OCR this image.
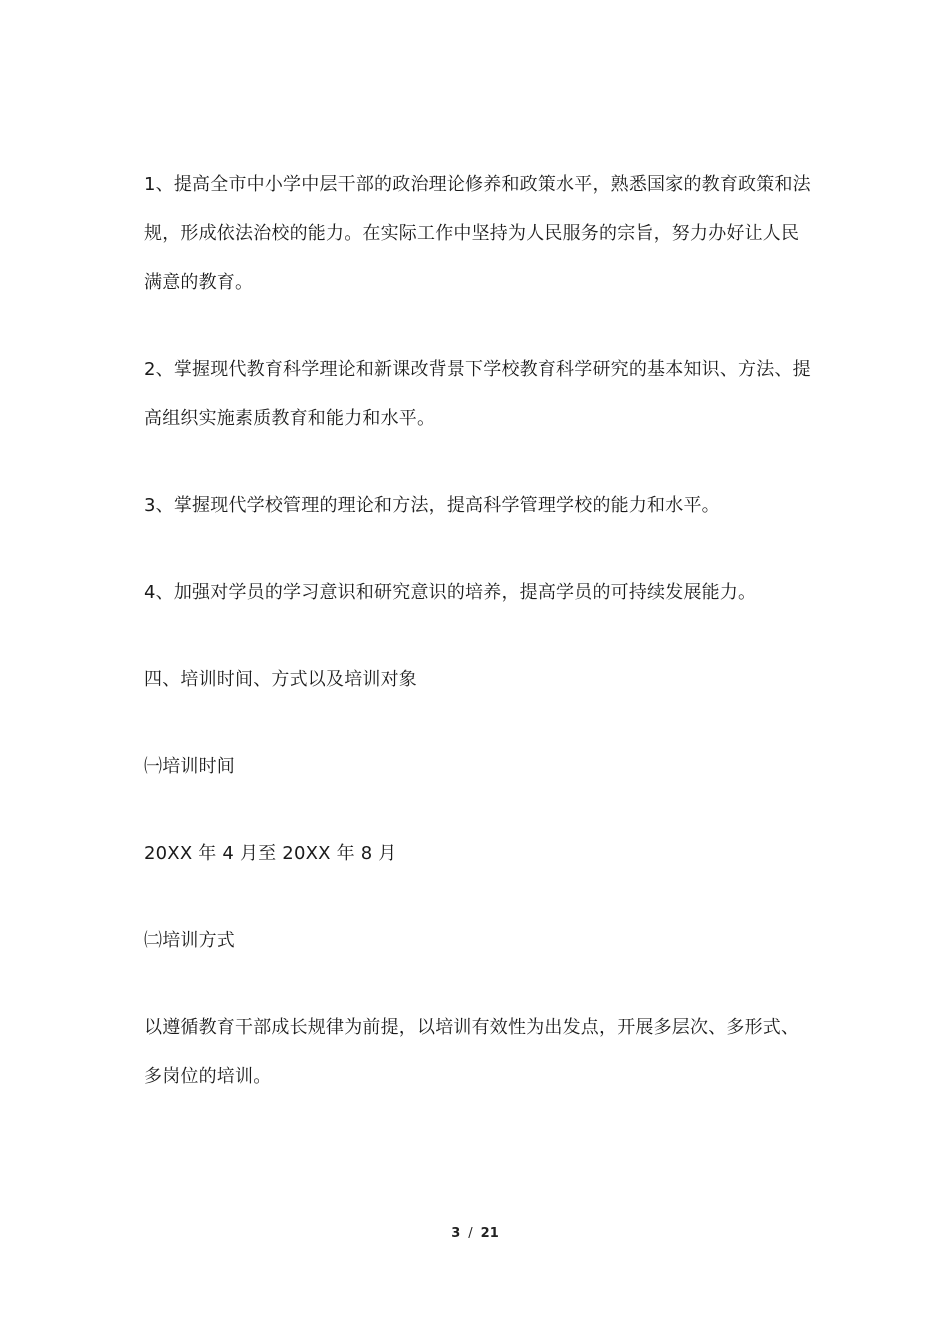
1、提高全市中小学中层干部的政治理论修养和政策水平，熟悉国家的教育政策和法规，形成依法治校的能力。在实际工作中坚持为人民服务的宗旨，努力办好让人民满意的教育。

2、掌握现代教育科学理论和新课改背景下学校教育科学研究的基本知识、方法、提高组织实施素质教育和能力和水平。

3、掌握现代学校管理的理论和方法，提高科学管理学校的能力和水平。

4、加强对学员的学习意识和研究意识的培养，提高学员的可持续发展能力。

四、培训时间、方式以及培训对象

㈠培训时间

20XX 年 4 月至 20XX 年 8 月

㈡培训方式

以遵循教育干部成长规律为前提，以培训有效性为出发点，开展多层次、多形式、多岗位的培训。

3 / 21
